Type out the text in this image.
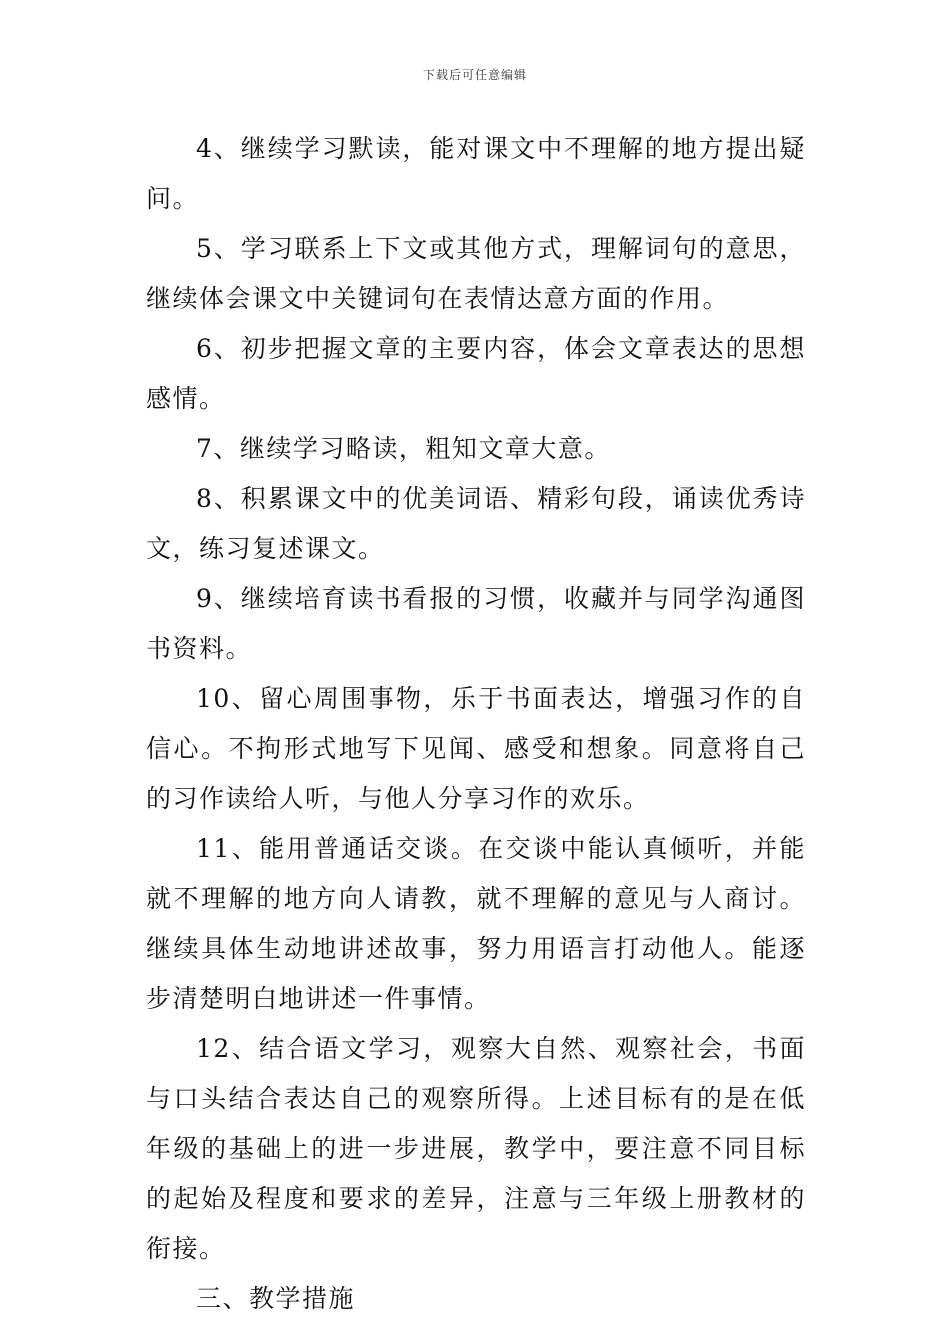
下载后可任意编辑

4、继续学习默读，能对课文中不理解的地方提出疑问。

5、学习联系上下文或其他方式，理解词句的意思，继续体会课文中关键词句在表情达意方面的作用。

6、初步把握文章的主要内容，体会文章表达的思想感情。

7、继续学习略读，粗知文章大意。

8、积累课文中的优美词语、精彩句段，诵读优秀诗文，练习复述课文。

9、继续培育读书看报的习惯，收藏并与同学沟通图书资料。

10、留心周围事物，乐于书面表达，增强习作的自信心。不拘形式地写下见闻、感受和想象。同意将自己的习作读给人听，与他人分享习作的欢乐。

11、能用普通话交谈。在交谈中能认真倾听，并能就不理解的地方向人请教，就不理解的意见与人商讨。继续具体生动地讲述故事，努力用语言打动他人。能逐步清楚明白地讲述一件事情。

12、结合语文学习，观察大自然、观察社会，书面与口头结合表达自己的观察所得。上述目标有的是在低年级的基础上的进一步进展，教学中，要注意不同目标的起始及程度和要求的差异，注意与三年级上册教材的衔接。

三、教学措施
